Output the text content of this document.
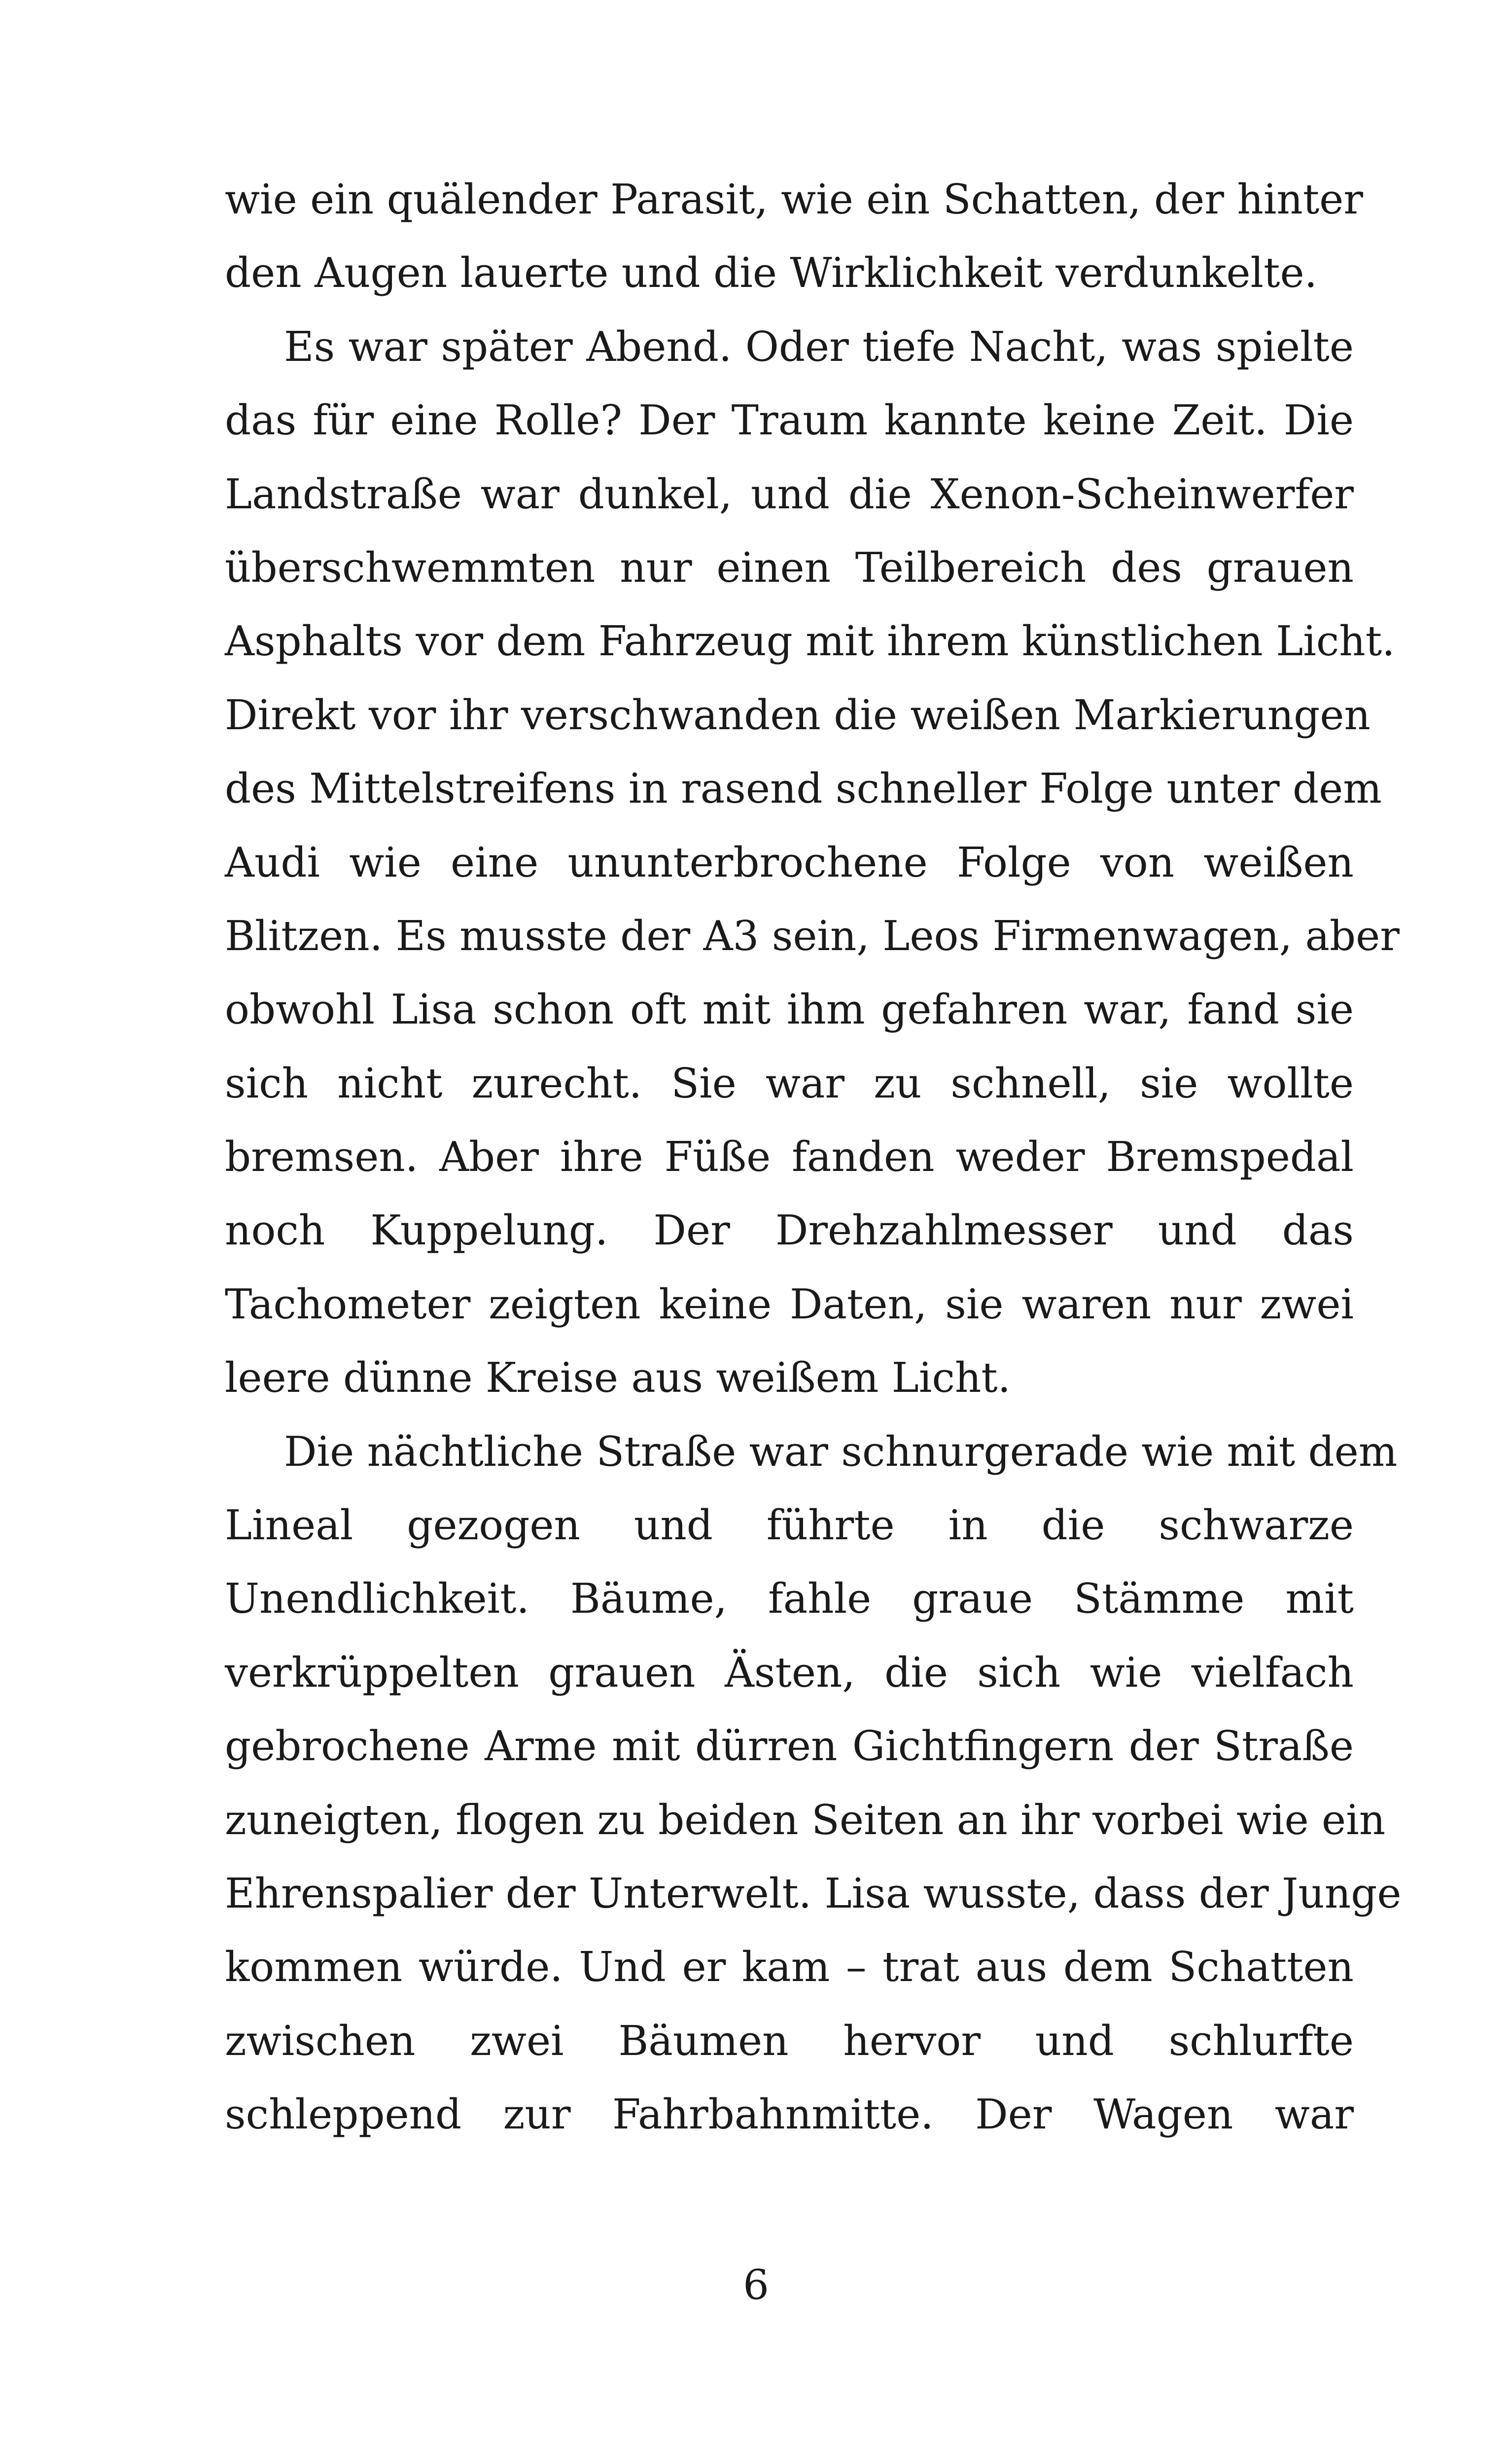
wie ein quälender Parasit, wie ein Schatten, der hinter
den Augen lauerte und die Wirklichkeit verdunkelte.
Es war später Abend. Oder tiefe Nacht, was spielte
das für eine Rolle? Der Traum kannte keine Zeit. Die
Landstraße war dunkel, und die Xenon-Scheinwerfer
überschwemmten nur einen Teilbereich des grauen
Asphalts vor dem Fahrzeug mit ihrem künstlichen Licht.
Direkt vor ihr verschwanden die weißen Markierungen
des Mittelstreifens in rasend schneller Folge unter dem
Audi wie eine ununterbrochene Folge von weißen
Blitzen. Es musste der A3 sein, Leos Firmenwagen, aber
obwohl Lisa schon oft mit ihm gefahren war, fand sie
sich nicht zurecht. Sie war zu schnell, sie wollte
bremsen. Aber ihre Füße fanden weder Bremspedal
noch Kuppelung. Der Drehzahlmesser und das
Tachometer zeigten keine Daten, sie waren nur zwei
leere dünne Kreise aus weißem Licht.
Die nächtliche Straße war schnurgerade wie mit dem
Lineal gezogen und führte in die schwarze
Unendlichkeit. Bäume, fahle graue Stämme mit
verkrüppelten grauen Ästen, die sich wie vielfach
gebrochene Arme mit dürren Gichtfingern der Straße
zuneigten, flogen zu beiden Seiten an ihr vorbei wie ein
Ehrenspalier der Unterwelt. Lisa wusste, dass der Junge
kommen würde. Und er kam – trat aus dem Schatten
zwischen zwei Bäumen hervor und schlurfte
schleppend zur Fahrbahnmitte. Der Wagen war
6
